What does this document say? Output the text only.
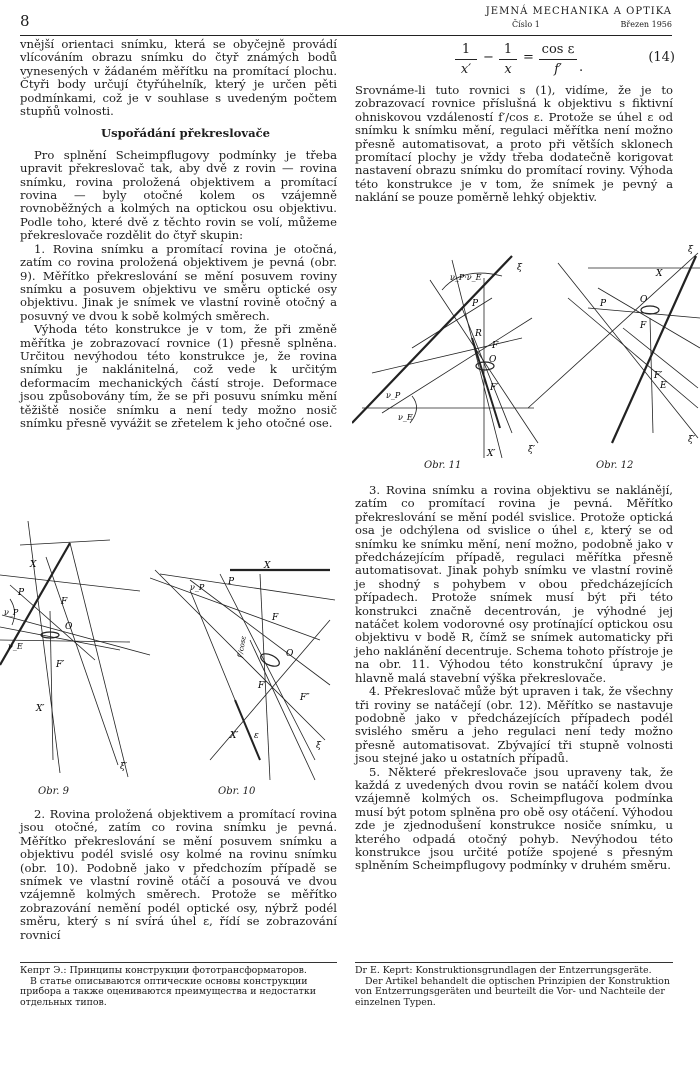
8
JEMNÁ MECHANIKA A OPTIKA
Číslo 1	Březen 1956

vnější orientaci snímku, která se obyčejně provádí vlícováním obrazu snímku do čtyř známých bodů vynesených v žádaném měřítku na promítací plochu. Čtyři body určují čtyřúhelník, který je určen pěti podmínkami, což je v souhlase s uvedeným počtem stupňů volnosti.

Uspořádání překreslovače

Pro splnění Scheimpflugovy podmínky je třeba upravit překreslovač tak, aby dvě z rovin — rovina snímku, rovina proložená objektivem a promítací rovina — byly otočné kolem os vzájemně rovnoběžných a kolmých na optickou osu objektivu. Podle toho, které dvě z těchto rovin se volí, můžeme překreslovače rozdělit do čtyř skupin:

1. Rovina snímku a promítací rovina je otočná, zatím co rovina proložená objektivem je pevná (obr. 9). Měřítko překreslování se mění posuvem roviny snímku a posuvem objektivu ve směru optické osy objektivu. Jinak je snímek ve vlastní rovině otočný a posuvný ve dvou k sobě kolmých směrech.

Výhoda této konstrukce je v tom, že při změně měřítka je zobrazovací rovnice (1) přesně splněna. Určitou nevýhodou této konstrukce je, že rovina snímku je naklánitelná, což vede k určitým deformacím mechanických částí stroje. Deformace jsou způsobovány tím, že se při posuvu snímku mění těžiště nosiče snímku a není tedy možno nosič snímku přesně vyvážit se zřetelem k jeho otočné ose.

X
P
F
O
ν_P
ν_E
F′
X′
ξ′
Obr. 9
X
ν_P
P
F
O
F′
F″
ε
X′
ξ
f′/cosε
Obr. 10

2. Rovina proložená objektivem a promítací rovina jsou otočné, zatím co rovina snímku je pevná. Měřítko překreslování se mění posuvem snímku a objektivu podél svislé osy kolmé na rovinu snímku (obr. 10). Podobně jako v předchozím případě se snímek ve vlastní rovině otáčí a posouvá ve dvou vzájemně kolmých směrech. Protože se měřítko zobrazování nemění podél optické osy, nýbrž podél směru, který s ní svírá úhel ε, řídí se zobrazování rovnicí

1
x′
−
1
x
=
cos ε
f′	.
(14)

Srovnáme-li tuto rovnici s (1), vidíme, že je to zobrazovací rovnice příslušná k objektivu s fiktivní ohniskovou vzdáleností f′/cos ε. Protože se úhel ε od snímku k snímku mění, regulaci měřítka není možno přesně automatisovat, a proto při větších sklonech promítací plochy je vždy třeba dodatečně korigovat nastavení obrazu snímku do promítací roviny. Výhoda této konstrukce je v tom, že snímek je pevný a naklání se pouze poměrně lehký objektiv.

ν_P·ν_E
ξ
P
R
F
O
ν_P
ν_E
F′
X′	ξ′
Obr. 11
ξ
X
P	O
F
F′
E
ξ′
Obr. 12

3. Rovina snímku a rovina objektivu se naklánějí, zatím co promítací rovina je pevná. Měřítko překreslování se mění podél svislice. Protože optická osa je odchýlena od svislice o úhel ε, který se od snímku ke snímku mění, není možno, podobně jako v předcházejícím případě, regulaci měřítka přesně automatisovat. Jinak pohyb snímku ve vlastní rovině je shodný s pohybem v obou předcházejících případech. Protože snímek musí být při této konstrukci značně decentrován, je výhodné jej natáčet kolem vodorovné osy protínající optickou osu objektivu v bodě R, čímž se snímek automaticky při jeho naklánění decentruje. Schema tohoto přístroje je na obr. 11. Výhodou této konstrukční úpravy je hlavně malá stavební výška překreslovače.

4. Překreslovač může být upraven i tak, že všechny tři roviny se natáčejí (obr. 12). Měřítko se nastavuje podobně jako v předcházejících případech podél svislého směru a jeho regulaci není tedy možno přesně automatisovat. Zbývající tři stupně volnosti jsou stejné jako u ostatních případů.

5. Některé překreslovače jsou upraveny tak, že každá z uvedených dvou rovin se natáčí kolem dvou vzájemně kolmých os. Scheimpflugova podmínka musí být potom splněna pro obě osy otáčení. Výhodou zde je zjednodušení konstrukce nosiče snímku, u kterého odpadá otočný pohyb. Nevýhodou této konstrukce jsou určité potíže spojené s přesným splněním Scheimpflugovy podmínky v druhém směru.

Кепрт Э.: Принципы конструкции фототрансформаторов.

В статье описываются оптические основы конструкции прибора а также оцениваются преимущества и недостатки отдельных типов.

Dr E. Keprt: Konstruktionsgrundlagen der Entzerrungsgeräte.

Der Artikel behandelt die optischen Prinzipien der Konstruktion von Entzerrungsgeräten und beurteilt die Vor- und Nachteile der einzelnen Typen.
